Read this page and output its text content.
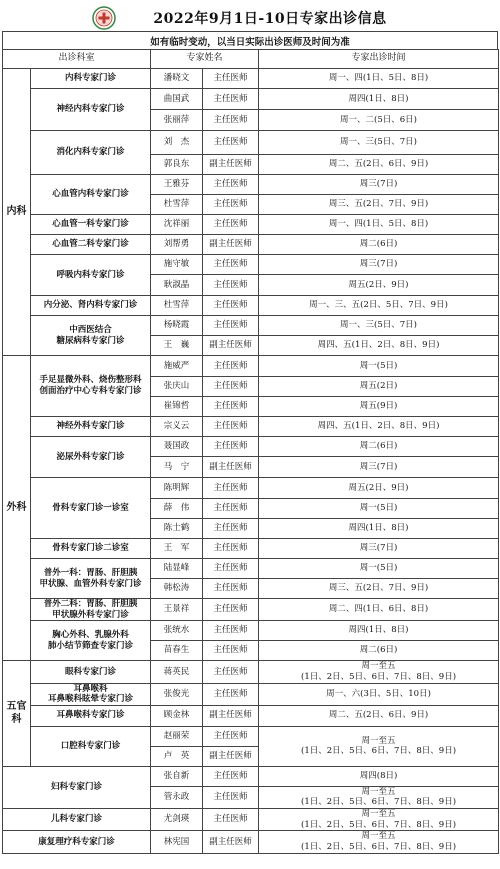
2022年9月1日-10日专家出诊信息
如有临时变动，以当日实际出诊医师及时间为准
出诊科室		专家姓名		专家出诊时间
内科	内科专家门诊	潘晓文	主任医师	周一、四(1日、5日、8日)
	神经内科专家门诊	曲国武	主任医师	周四(1日、8日)
		张丽萍	主任医师	周一、二(5日、6日)
	消化内科专家门诊	刘　杰	主任医师	周一、三(5日、7日)
		郭良东	副主任医师	周二、五(2日、6日、9日)
	心血管内科专家门诊	王雅芬	主任医师	周三(7日)
		杜雪萍	主任医师	周三、五(2日、7日、9日)
	心血管一科专家门诊	沈祥丽	主任医师	周一、四(1日、5日、8日)
	心血管二科专家门诊	刘帮勇	副主任医师	周二(6日)
	呼吸内科专家门诊	施守敏	主任医师	周三(7日)
		耿淑晶	主任医师	周五(2日、9日)
	内分泌、肾内科专家门诊	杜雪萍	主任医师	周一、三、五(2日、5日、7日、9日)
	中西医结合
糖尿病科专家门诊	杨晓霞	主任医师	周一、三(5日、7日)
		王　巍	副主任医师	周四、五(1日、2日、8日、9日)
外科	手足显微外科、烧伤整形科
创面治疗中心专科专家门诊	施威严	主任医师	周一(5日)
		张庆山	主任医师	周五(2日)
		崔锦哲	主任医师	周五(9日)
	神经外科专家门诊	宗义云	主任医师	周四、五(1日、2日、8日、9日)
	泌尿外科专家门诊	聂国政	主任医师	周二(6日)
		马　宁	副主任医师	周三(7日)
	骨科专家门诊一诊室	陈明辉	主任医师	周五(2日、9日)
		薛　伟	主任医师	周一(5日)
		陈士鹤	主任医师	周四(1日、8日)
	骨科专家门诊二诊室	王　军	主任医师	周三(7日)
	普外一科：胃肠、肝胆胰
甲状腺、血管外科专家门诊	陆显峰	主任医师	周一(5日)
		韩松涛	主任医师	周三、五(2日、7日、9日)
	普外二科：胃肠、肝胆胰
甲状腺外科专家门诊	王景祥	主任医师	周二、四(1日、6日、8日)
	胸心外科、乳腺外科
肺小结节筛查专家门诊	张统水	主任医师	周四(1日、8日)
		苗春生	主任医师	周二(6日)
五官科	眼科专家门诊	蒋英民	主任医师	周一至五
(1日、2日、5日、6日、7日、8日、9日)
	耳鼻喉科
耳鼻喉科眩晕专家门诊	张俊光	主任医师	周一、六(3日、5日、10日)
	耳鼻喉科专家门诊	顾金林	副主任医师	周二、五(2日、6日、9日)
	口腔科专家门诊	赵丽荣	主任医师	周一至五
(1日、2日、5日、6日、7日、8日、9日)
		卢　英	副主任医师	
妇科专家门诊		张自新	主任医师	周四(8日)
		管永政	主任医师	周一至五
(1日、2日、5日、6日、7日、8日、9日)
儿科专家门诊		尤剑瑛	主任医师	周一至五
(1日、2日、5日、6日、7日、8日、9日)
康复理疗科专家门诊		林宪国	副主任医师	周一至五
(1日、2日、5日、6日、7日、8日、9日)
